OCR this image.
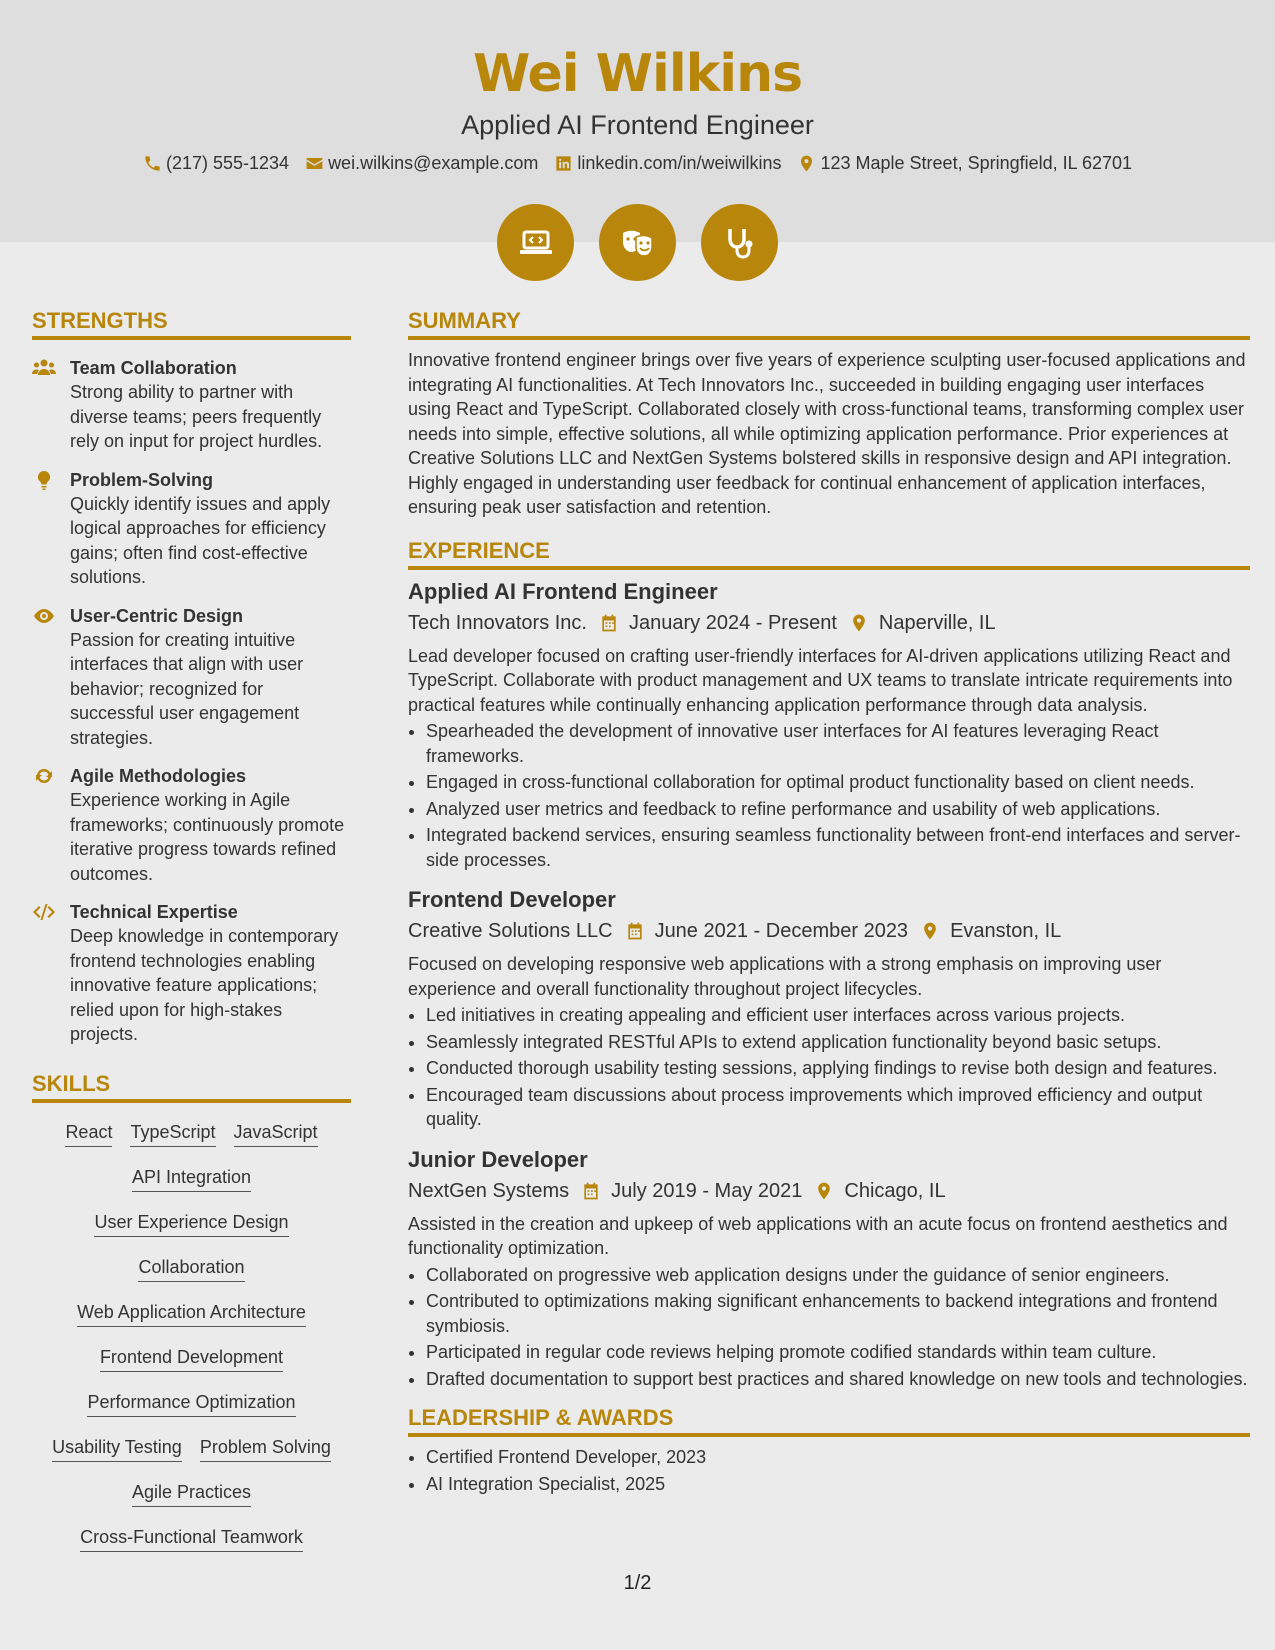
Wei Wilkins
Applied AI Frontend Engineer
(217) 555-1234 wei.wilkins@example.com linkedin.com/in/weiwilkins 123 Maple Street, Springfield, IL 62701
STRENGTHS
Team Collaboration
Strong ability to partner with diverse teams; peers frequently rely on input for project hurdles.
Problem-Solving
Quickly identify issues and apply logical approaches for efficiency gains; often find cost-effective solutions.
User-Centric Design
Passion for creating intuitive interfaces that align with user behavior; recognized for successful user engagement strategies.
Agile Methodologies
Experience working in Agile frameworks; continuously promote iterative progress towards refined outcomes.
Technical Expertise
Deep knowledge in contemporary frontend technologies enabling innovative feature applications; relied upon for high-stakes projects.
SKILLS
React TypeScript JavaScript
API Integration
User Experience Design
Collaboration
Web Application Architecture
Frontend Development
Performance Optimization
Usability Testing Problem Solving
Agile Practices
Cross-Functional Teamwork
SUMMARY
Innovative frontend engineer brings over five years of experience sculpting user-focused applications and integrating AI functionalities. At Tech Innovators Inc., succeeded in building engaging user interfaces using React and TypeScript. Collaborated closely with cross-functional teams, transforming complex user needs into simple, effective solutions, all while optimizing application performance. Prior experiences at Creative Solutions LLC and NextGen Systems bolstered skills in responsive design and API integration. Highly engaged in understanding user feedback for continual enhancement of application interfaces, ensuring peak user satisfaction and retention.
EXPERIENCE
Applied AI Frontend Engineer
Tech Innovators Inc. January 2024 - Present Naperville, IL
Lead developer focused on crafting user-friendly interfaces for AI-driven applications utilizing React and TypeScript. Collaborate with product management and UX teams to translate intricate requirements into practical features while continually enhancing application performance through data analysis.
• Spearheaded the development of innovative user interfaces for AI features leveraging React frameworks.
• Engaged in cross-functional collaboration for optimal product functionality based on client needs.
• Analyzed user metrics and feedback to refine performance and usability of web applications.
• Integrated backend services, ensuring seamless functionality between front-end interfaces and server-side processes.
Frontend Developer
Creative Solutions LLC June 2021 - December 2023 Evanston, IL
Focused on developing responsive web applications with a strong emphasis on improving user experience and overall functionality throughout project lifecycles.
• Led initiatives in creating appealing and efficient user interfaces across various projects.
• Seamlessly integrated RESTful APIs to extend application functionality beyond basic setups.
• Conducted thorough usability testing sessions, applying findings to revise both design and features.
• Encouraged team discussions about process improvements which improved efficiency and output quality.
Junior Developer
NextGen Systems July 2019 - May 2021 Chicago, IL
Assisted in the creation and upkeep of web applications with an acute focus on frontend aesthetics and functionality optimization.
• Collaborated on progressive web application designs under the guidance of senior engineers.
• Contributed to optimizations making significant enhancements to backend integrations and frontend symbiosis.
• Participated in regular code reviews helping promote codified standards within team culture.
• Drafted documentation to support best practices and shared knowledge on new tools and technologies.
LEADERSHIP & AWARDS
• Certified Frontend Developer, 2023
• AI Integration Specialist, 2025
1/2
